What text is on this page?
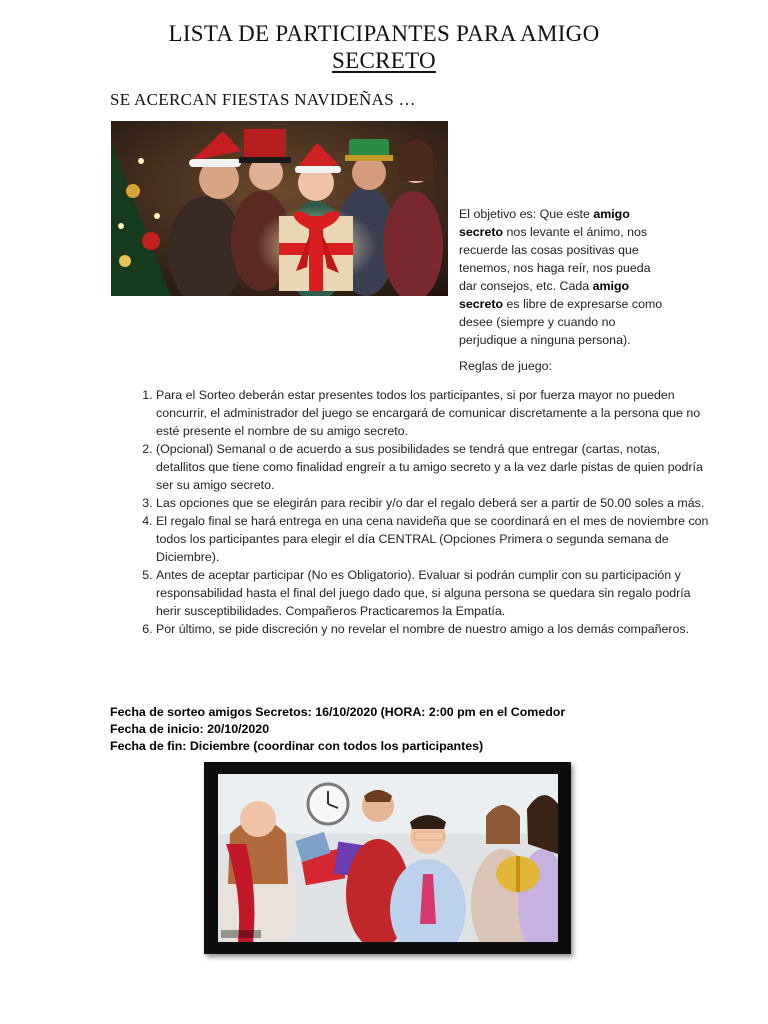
LISTA DE PARTICIPANTES PARA AMIGO
SECRETO
SE ACERCAN FIESTAS NAVIDEÑAS …
El objetivo es: Que este amigo secreto nos levante el ánimo, nos recuerde las cosas positivas que tenemos, nos haga reír, nos pueda dar consejos, etc. Cada amigo secreto es libre de expresarse como desee (siempre y cuando no perjudique a ninguna persona).
Reglas de juego:
1. Para el Sorteo deberán estar presentes todos los participantes, si por fuerza mayor no pueden concurrir, el administrador del juego se encargará de comunicar discretamente a la persona que no esté presente el nombre de su amigo secreto.
2. (Opcional) Semanal o de acuerdo a sus posibilidades se tendrá que entregar (cartas, notas, detallitos que tiene como finalidad engreír a tu amigo secreto y a la vez darle pistas de quien podría ser su amigo secreto.
3. Las opciones que se elegirán para recibir y/o dar el regalo deberá ser a partir de 50.00 soles a más.
4. El regalo final se hará entrega en una cena navideña que se coordinará en el mes de noviembre con todos los participantes para elegir el día CENTRAL (Opciones Primera o segunda semana de Diciembre).
5. Antes de aceptar participar (No es Obligatorio). Evaluar si podrán cumplir con su participación y responsabilidad hasta el final del juego dado que, si alguna persona se quedara sin regalo podría herir susceptibilidades. Compañeros Practicaremos la Empatía.
6. Por último, se pide discreción y no revelar el nombre de nuestro amigo a los demás compañeros.
Fecha de sorteo amigos Secretos: 16/10/2020 (HORA: 2:00 pm en el Comedor
Fecha de inicio: 20/10/2020
Fecha de fin: Diciembre (coordinar con todos los participantes)
